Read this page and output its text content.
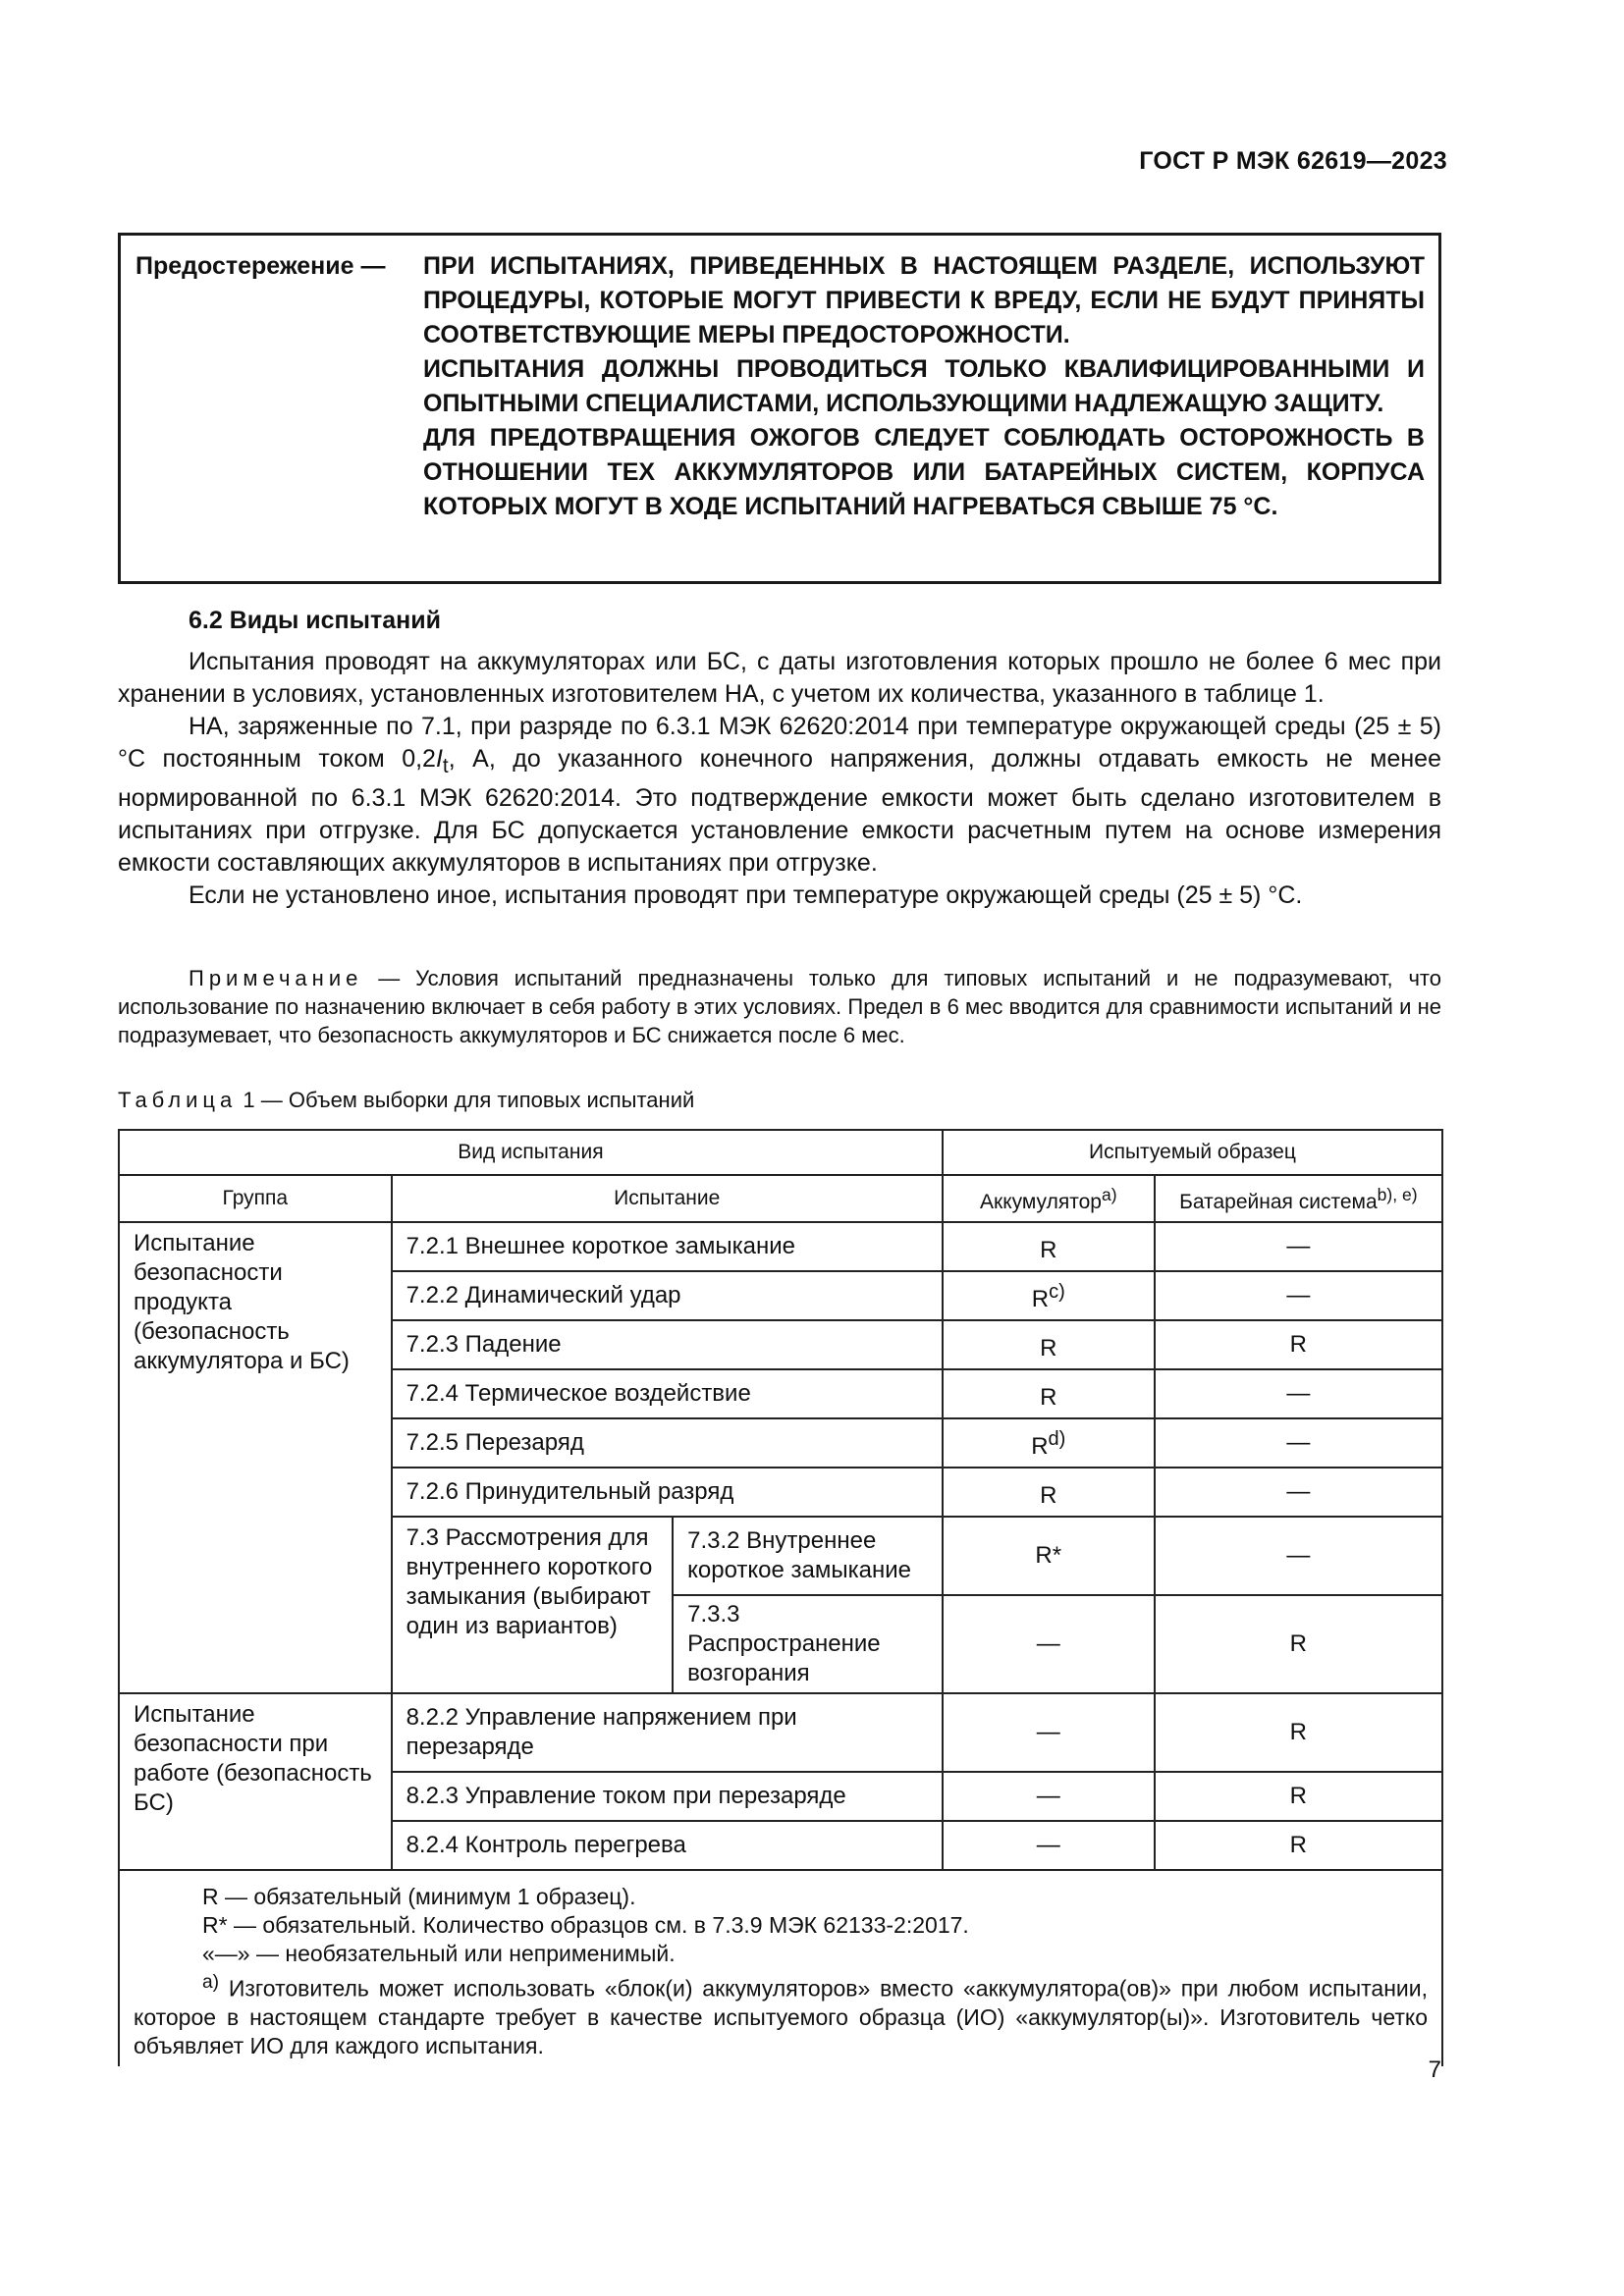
ГОСТ Р МЭК 62619—2023
Предостережение — ПРИ ИСПЫТАНИЯХ, ПРИВЕДЕННЫХ В НАСТОЯЩЕМ РАЗДЕЛЕ, ИСПОЛЬЗУЮТ ПРОЦЕДУРЫ, КОТОРЫЕ МОГУТ ПРИВЕСТИ К ВРЕДУ, ЕСЛИ НЕ БУДУТ ПРИНЯТЫ СООТВЕТСТВУЮЩИЕ МЕРЫ ПРЕДОСТОРОЖНОСТИ.

ИСПЫТАНИЯ ДОЛЖНЫ ПРОВОДИТЬСЯ ТОЛЬКО КВАЛИФИЦИРОВАННЫМИ И ОПЫТНЫМИ СПЕЦИАЛИСТАМИ, ИСПОЛЬЗУЮЩИМИ НАДЛЕЖАЩУЮ ЗАЩИТУ.

ДЛЯ ПРЕДОТВРАЩЕНИЯ ОЖОГОВ СЛЕДУЕТ СОБЛЮДАТЬ ОСТОРОЖНОСТЬ В ОТНОШЕНИИ ТЕХ АККУМУЛЯТОРОВ ИЛИ БАТАРЕЙНЫХ СИСТЕМ, КОРПУСА КОТОРЫХ МОГУТ В ХОДЕ ИСПЫТАНИЙ НАГРЕВАТЬСЯ СВЫШЕ 75 °С.

6.2 Виды испытаний

Испытания проводят на аккумуляторах или БС, с даты изготовления которых прошло не более 6 мес при хранении в условиях, установленных изготовителем НА, с учетом их количества, указанного в таблице 1.

НА, заряженные по 7.1, при разряде по 6.3.1 МЭК 62620:2014 при температуре окружающей среды (25 ± 5) °С постоянным током $0,2I_t$, А, до указанного конечного напряжения, должны отдавать емкость не менее нормированной по 6.3.1 МЭК 62620:2014. Это подтверждение емкости может быть сделано изготовителем в испытаниях при отгрузке. Для БС допускается установление емкости расчетным путем на основе измерения емкости составляющих аккумуляторов в испытаниях при отгрузке.

Если не установлено иное, испытания проводят при температуре окружающей среды (25 ± 5) °С.

Примечание — Условия испытаний предназначены только для типовых испытаний и не подразумевают, что использование по назначению включает в себя работу в этих условиях. Предел в 6 мес вводится для сравнимости испытаний и не подразумевает, что безопасность аккумуляторов и БС снижается после 6 мес.
Таблица 1 — Объем выборки для типовых испытаний
Вид испытания			Испытуемый образец	
Группа	Испытание		Аккумулятор$^{а)}$	Батарейная система$^{b), е)}$
Испытание безопасности продукта (безопасность аккумулятора и БС)	7.2.1 Внешнее короткое замыкание		R	—
	7.2.2 Динамический удар		$R^{с)}$	—
	7.2.3 Падение		R	R
	7.2.4 Термическое воздействие		R	—
	7.2.5 Перезаряд		$R^{d)}$	—
	7.2.6 Принудительный разряд		R	—
	7.3 Рассмотрения для внутреннего короткого замыкания (выбирают один из вариантов)	7.3.2 Внутреннее короткое замыкание	R*	—
		7.3.3 Распространение возгорания	—	R
Испытание безопасности при работе (безопасность БС)	8.2.2 Управление напряжением при перезаряде		—	R
	8.2.3 Управление током при перезаряде		—	R
	8.2.4 Контроль перегрева		—	R

R — обязательный (минимум 1 образец).

R* — обязательный. Количество образцов см. в 7.3.9 МЭК 62133-2:2017.

«—» — необязательный или неприменимый.

$^{а)}$ Изготовитель может использовать «блок(и) аккумуляторов» вместо «аккумулятора(ов)» при любом испытании, которое в настоящем стандарте требует в качестве испытуемого образца (ИО) «аккумулятор(ы)». Изготовитель четко объявляет ИО для каждого испытания.				

7
